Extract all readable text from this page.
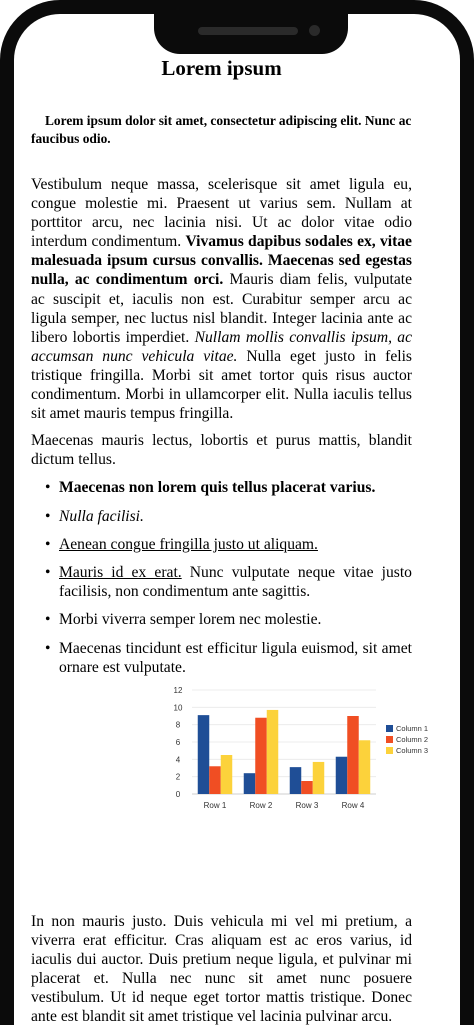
Lorem ipsum

Lorem ipsum dolor sit amet, consectetur adipiscing elit. Nunc ac faucibus odio.

Vestibulum neque massa, scelerisque sit amet ligula eu, congue molestie mi. Praesent ut varius sem. Nullam at porttitor arcu, nec lacinia nisi. Ut ac dolor vitae odio interdum condimentum. Vivamus dapibus sodales ex, vitae malesuada ipsum cursus convallis. Maecenas sed egestas nulla, ac condimentum orci. Mauris diam felis, vulputate ac suscipit et, iaculis non est. Curabitur semper arcu ac ligula semper, nec luctus nisl blandit. Integer lacinia ante ac libero lobortis imperdiet. Nullam mollis convallis ipsum, ac accumsan nunc vehicula vitae. Nulla eget justo in felis tristique fringilla. Morbi sit amet tortor quis risus auctor condimentum. Morbi in ullamcorper elit. Nulla iaculis tellus sit amet mauris tempus fringilla.

Maecenas mauris lectus, lobortis et purus mattis, blandit dictum tellus.

• Maecenas non lorem quis tellus placerat varius.
• Nulla facilisi.
• Aenean congue fringilla justo ut aliquam.
• Mauris id ex erat. Nunc vulputate neque vitae justo facilisis, non condimentum ante sagittis.
• Morbi viverra semper lorem nec molestie.
• Maecenas tincidunt est efficitur ligula euismod, sit amet ornare est vulputate.
0
2
4
6
8
10
12
Row 1	Row 2	Row 3	Row 4
Column 1
Column 2
Column 3

In non mauris justo. Duis vehicula mi vel mi pretium, a viverra erat efficitur. Cras aliquam est ac eros varius, id iaculis dui auctor. Duis pretium neque ligula, et pulvinar mi placerat et. Nulla nec nunc sit amet nunc posuere vestibulum. Ut id neque eget tortor mattis tristique. Donec ante est blandit sit amet tristique vel lacinia pulvinar arcu.
